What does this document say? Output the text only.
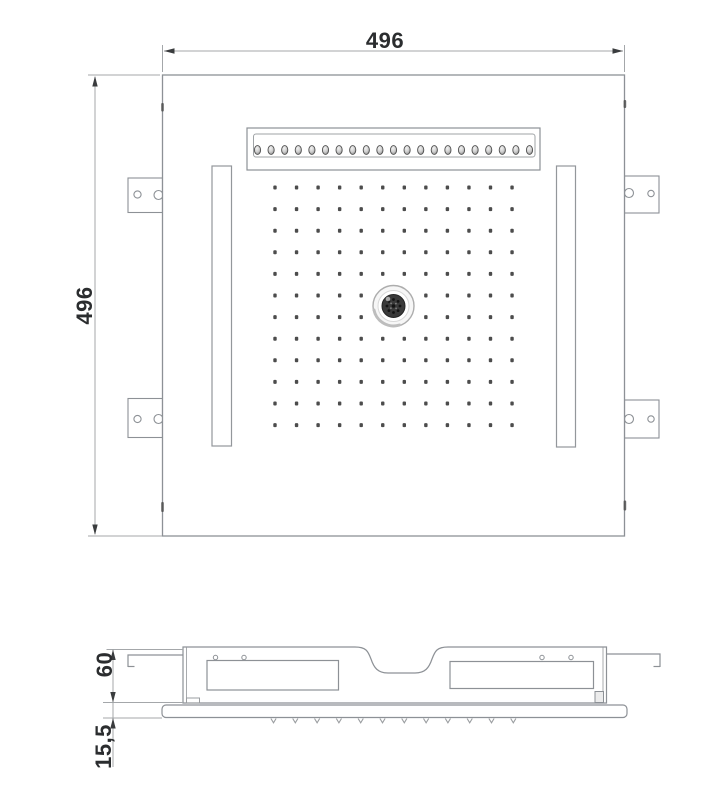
496
496
60
15,5
